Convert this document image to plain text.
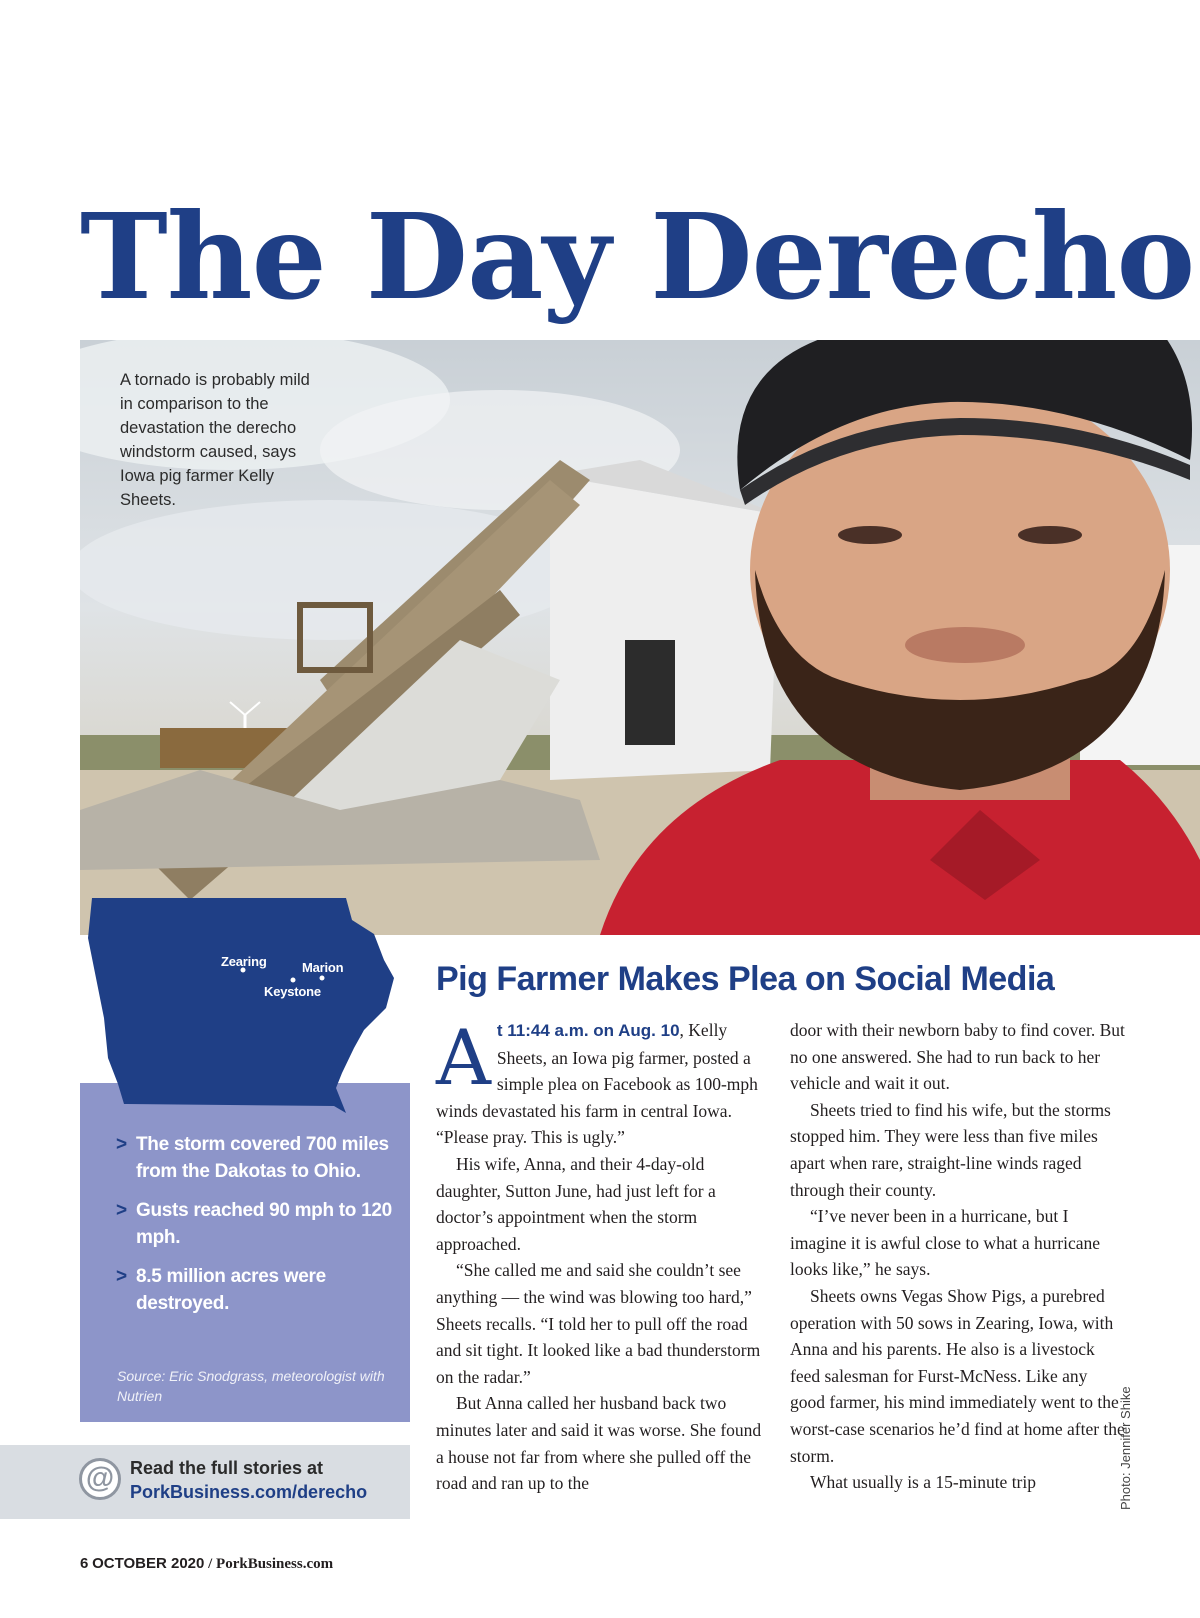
The Day Derecho
A tornado is probably mild in comparison to the devastation the derecho windstorm caused, says Iowa pig farmer Kelly Sheets.
> The storm covered 700 miles from the Dakotas to Ohio.
> Gusts reached 90 mph to 120 mph.
> 8.5 million acres were destroyed.
Source: Eric Snodgrass, meteorologist with Nutrien
Zearing	Marion
Keystone
@ Read the full stories at
PorkBusiness.com/derecho
Pig Farmer Makes Plea on Social Media

At 11:44 a.m. on Aug. 10, Kelly Sheets, an Iowa pig farmer, posted a simple plea on Facebook as 100-mph winds devastated his farm in central Iowa. “Please pray. This is ugly.”

His wife, Anna, and their 4-day-old daughter, Sutton June, had just left for a doctor’s appointment when the storm approached.

“She called me and said she couldn’t see anything — the wind was blowing too hard,” Sheets recalls. “I told her to pull off the road and sit tight. It looked like a bad thunderstorm on the radar.”

But Anna called her husband back two minutes later and said it was worse. She found a house not far from where she pulled off the road and ran up to the

door with their newborn baby to find cover. But no one answered. She had to run back to her vehicle and wait it out.

Sheets tried to find his wife, but the storms stopped him. They were less than five miles apart when rare, straight-line winds raged through their county.

“I’ve never been in a hurricane, but I imagine it is awful close to what a hurricane looks like,” he says.

Sheets owns Vegas Show Pigs, a purebred operation with 50 sows in Zearing, Iowa, with Anna and his parents. He also is a livestock feed salesman for Furst-McNess. Like any good farmer, his mind immediately went to the worst-case scenarios he’d find at home after the storm.

What usually is a 15-minute trip	Photo: Jennifer Shike
6 OCTOBER 2020 / PorkBusiness.com
